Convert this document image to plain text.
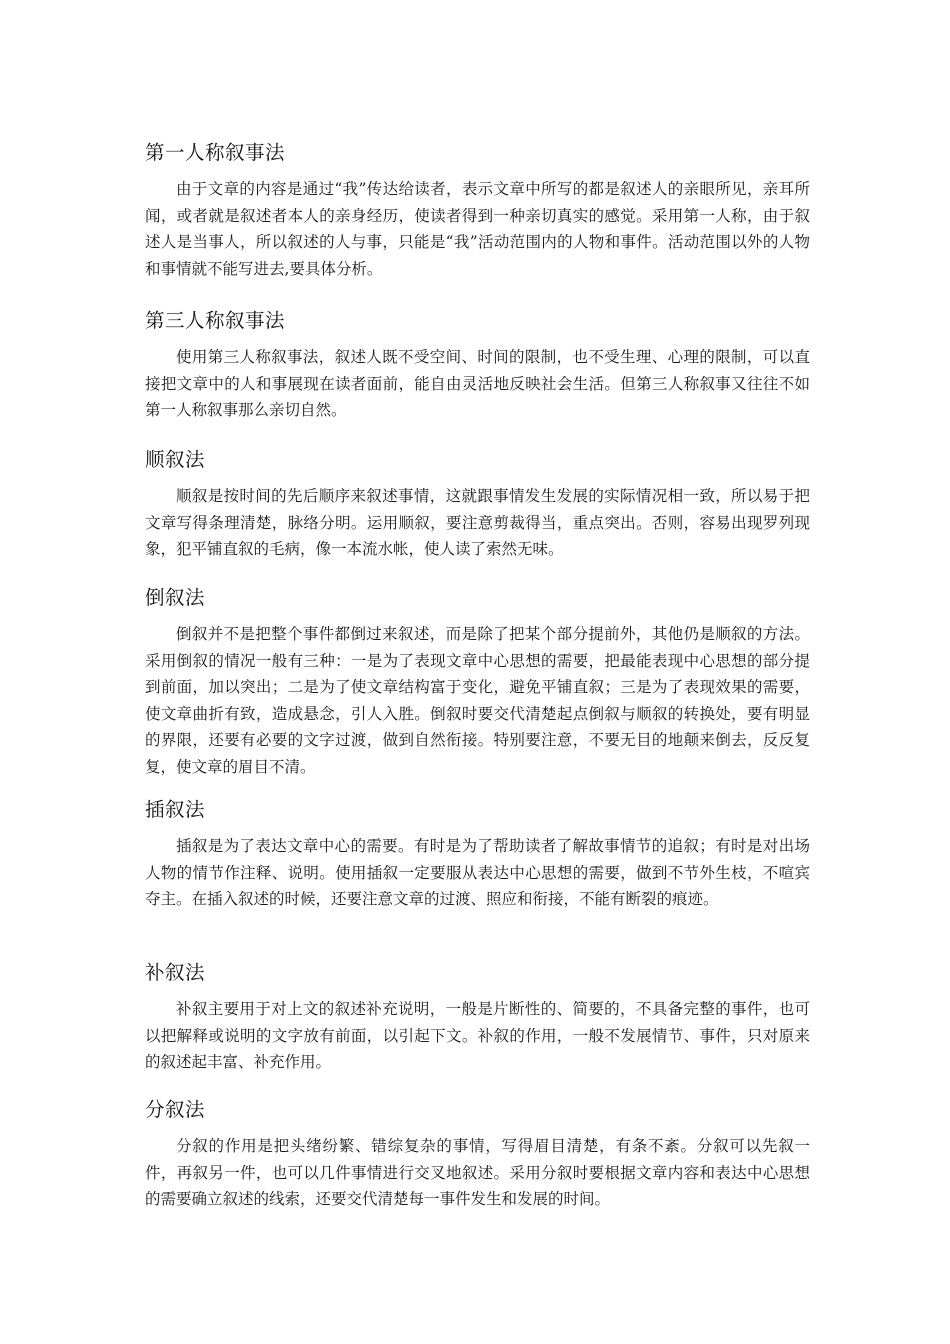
第一人称叙事法

由于文章的内容是通过“我”传达给读者，表示文章中所写的都是叙述人的亲眼所见，亲耳所闻，或者就是叙述者本人的亲身经历，使读者得到一种亲切真实的感觉。采用第一人称，由于叙述人是当事人，所以叙述的人与事，只能是“我”活动范围内的人物和事件。活动范围以外的人物和事情就不能写进去,要具体分析。

第三人称叙事法

使用第三人称叙事法，叙述人既不受空间、时间的限制，也不受生理、心理的限制，可以直接把文章中的人和事展现在读者面前，能自由灵活地反映社会生活。但第三人称叙事又往往不如第一人称叙事那么亲切自然。

顺叙法

顺叙是按时间的先后顺序来叙述事情，这就跟事情发生发展的实际情况相一致，所以易于把文章写得条理清楚，脉络分明。运用顺叙，要注意剪裁得当，重点突出。否则，容易出现罗列现象，犯平铺直叙的毛病，像一本流水帐，使人读了索然无味。

倒叙法

倒叙并不是把整个事件都倒过来叙述，而是除了把某个部分提前外，其他仍是顺叙的方法。采用倒叙的情况一般有三种：一是为了表现文章中心思想的需要，把最能表现中心思想的部分提到前面，加以突出；二是为了使文章结构富于变化，避免平铺直叙；三是为了表现效果的需要，使文章曲折有致，造成悬念，引人入胜。倒叙时要交代清楚起点倒叙与顺叙的转换处，要有明显的界限，还要有必要的文字过渡，做到自然衔接。特别要注意，不要无目的地颠来倒去，反反复复，使文章的眉目不清。

插叙法

插叙是为了表达文章中心的需要。有时是为了帮助读者了解故事情节的追叙；有时是对出场人物的情节作注释、说明。使用插叙一定要服从表达中心思想的需要，做到不节外生枝，不喧宾夺主。在插入叙述的时候，还要注意文章的过渡、照应和衔接，不能有断裂的痕迹。

补叙法

补叙主要用于对上文的叙述补充说明，一般是片断性的、简要的，不具备完整的事件，也可以把解释或说明的文字放有前面，以引起下文。补叙的作用，一般不发展情节、事件，只对原来的叙述起丰富、补充作用。

分叙法

分叙的作用是把头绪纷繁、错综复杂的事情，写得眉目清楚，有条不紊。分叙可以先叙一件，再叙另一件，也可以几件事情进行交叉地叙述。采用分叙时要根据文章内容和表达中心思想的需要确立叙述的线索，还要交代清楚每一事件发生和发展的时间。
